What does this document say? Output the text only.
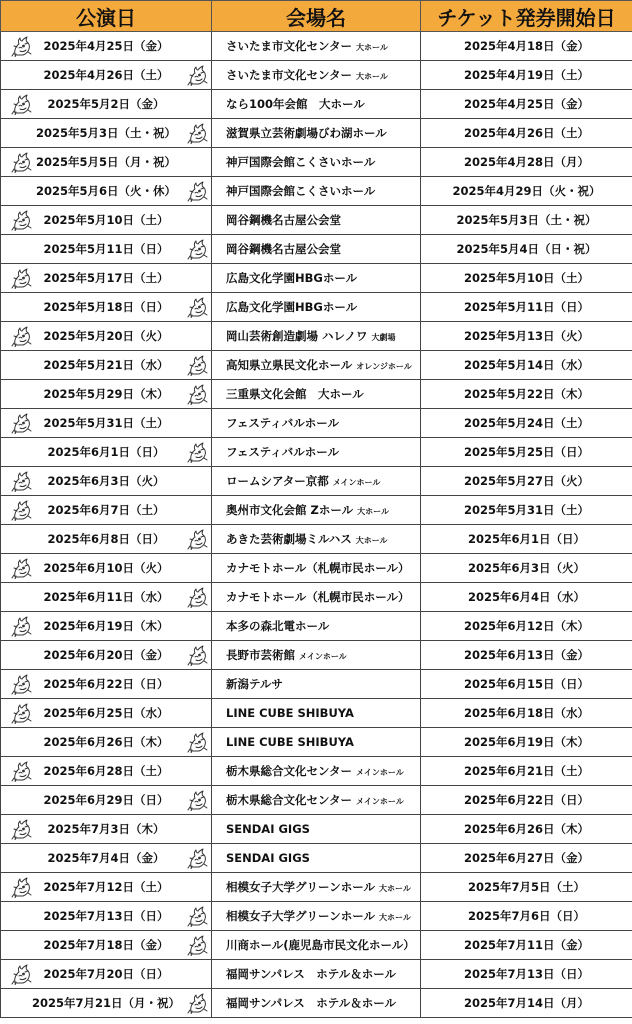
公演日	会場名	チケット発券開始日
2025年4月25日（金）	さいたま市文化センター 大ホール	2025年4月18日（金）
2025年4月26日（土）	さいたま市文化センター 大ホール	2025年4月19日（土）
2025年5月2日（金）	なら100年会館　大ホール	2025年4月25日（金）
2025年5月3日（土・祝）	滋賀県立芸術劇場びわ湖ホール	2025年4月26日（土）
2025年5月5日（月・祝）	神戸国際会館こくさいホール	2025年4月28日（月）
2025年5月6日（火・休）	神戸国際会館こくさいホール	2025年4月29日（火・祝）
2025年5月10日（土）	岡谷鋼機名古屋公会堂	2025年5月3日（土・祝）
2025年5月11日（日）	岡谷鋼機名古屋公会堂	2025年5月4日（日・祝）
2025年5月17日（土）	広島文化学園HBGホール	2025年5月10日（土）
2025年5月18日（日）	広島文化学園HBGホール	2025年5月11日（日）
2025年5月20日（火）	岡山芸術創造劇場 ハレノワ 大劇場	2025年5月13日（火）
2025年5月21日（水）	高知県立県民文化ホール オレンジホール	2025年5月14日（水）
2025年5月29日（木）	三重県文化会館　大ホール	2025年5月22日（木）
2025年5月31日（土）	フェスティバルホール	2025年5月24日（土）
2025年6月1日（日）	フェスティバルホール	2025年5月25日（日）
2025年6月3日（火）	ロームシアター京都 メインホール	2025年5月27日（火）
2025年6月7日（土）	奥州市文化会館 Zホール 大ホール	2025年5月31日（土）
2025年6月8日（日）	あきた芸術劇場ミルハス 大ホール	2025年6月1日（日）
2025年6月10日（火）	カナモトホール（札幌市民ホール）	2025年6月3日（火）
2025年6月11日（水）	カナモトホール（札幌市民ホール）	2025年6月4日（水）
2025年6月19日（木）	本多の森北電ホール	2025年6月12日（木）
2025年6月20日（金）	長野市芸術館 メインホール	2025年6月13日（金）
2025年6月22日（日）	新潟テルサ	2025年6月15日（日）
2025年6月25日（水）	LINE CUBE SHIBUYA	2025年6月18日（水）
2025年6月26日（木）	LINE CUBE SHIBUYA	2025年6月19日（木）
2025年6月28日（土）	栃木県総合文化センター メインホール	2025年6月21日（土）
2025年6月29日（日）	栃木県総合文化センター メインホール	2025年6月22日（日）
2025年7月3日（木）	SENDAI GIGS	2025年6月26日（木）
2025年7月4日（金）	SENDAI GIGS	2025年6月27日（金）
2025年7月12日（土）	相模女子大学グリーンホール 大ホール	2025年7月5日（土）
2025年7月13日（日）	相模女子大学グリーンホール 大ホール	2025年7月6日（日）
2025年7月18日（金）	川商ホール(鹿児島市民文化ホール）	2025年7月11日（金）
2025年7月20日（日）	福岡サンパレス　ホテル＆ホール	2025年7月13日（日）
2025年7月21日（月・祝）	福岡サンパレス　ホテル＆ホール	2025年7月14日（月）
